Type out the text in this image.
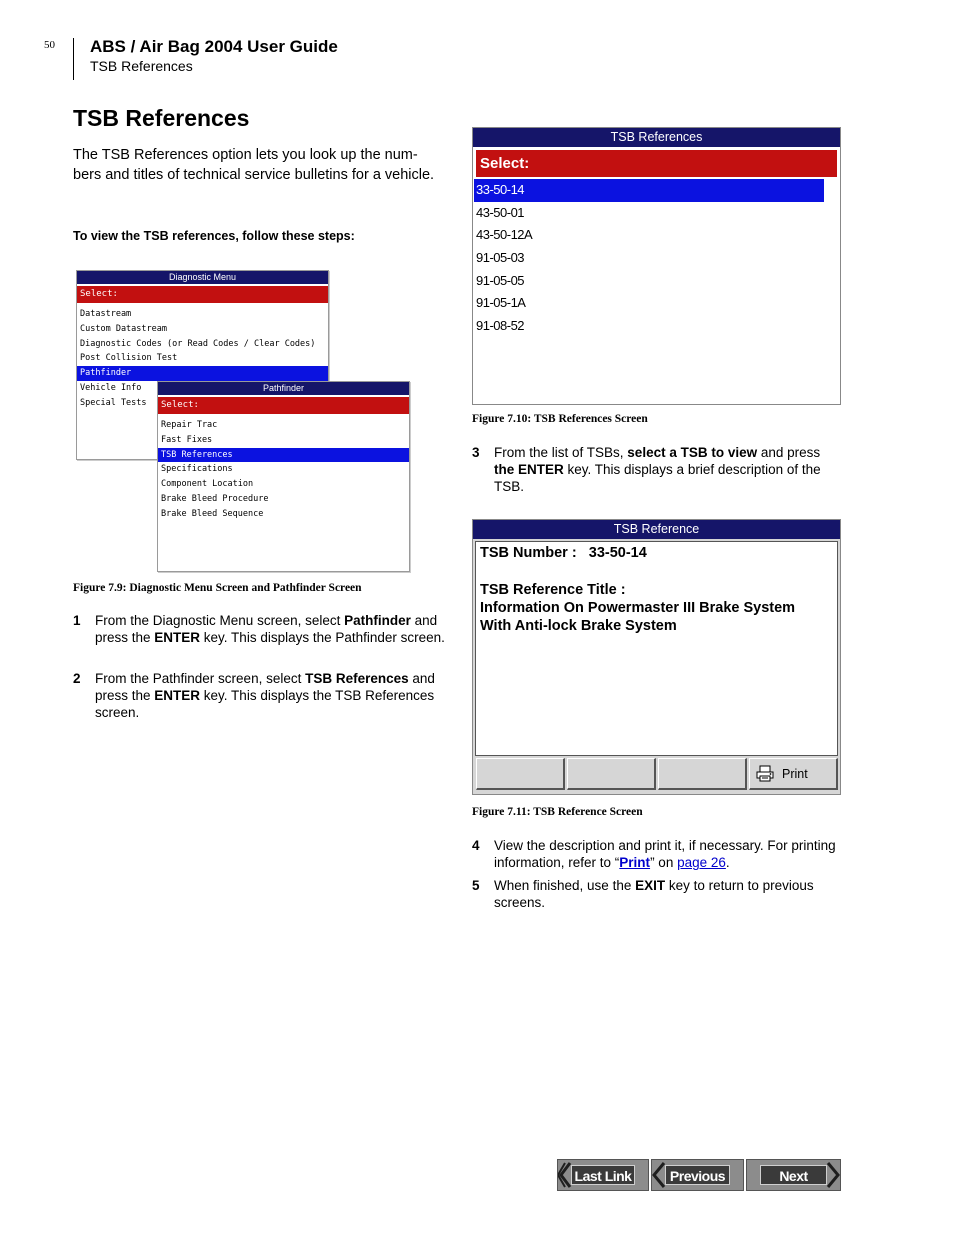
50 ABS / Air Bag 2004 User Guide
TSB References
TSB References
The TSB References option lets you look up the num- bers and titles of technical service bulletins for a vehicle.
To view the TSB references, follow these steps:
Diagnostic Menu
Select:
Datastream
Custom Datastream
Diagnostic Codes (or Read Codes / Clear Codes)
Post Collision Test
Pathfinder
Vehicle Info
Special Tests
Pathfinder
Select:
Repair Trac
Fast Fixes
TSB References
Specifications
Component Location
Brake Bleed Procedure
Brake Bleed Sequence
Figure 7.9: Diagnostic Menu Screen and Pathfinder Screen
1 From the Diagnostic Menu screen, select Pathfinder and press the ENTER key. This displays the Pathfinder screen.
2 From the Pathfinder screen, select TSB References and press the ENTER key. This displays the TSB References screen.
TSB References
Select:
33-50-14
43-50-01
43-50-12A
91-05-03
91-05-05
91-05-1A
91-08-52
Figure 7.10: TSB References Screen
3 From the list of TSBs, select a TSB to view and press the ENTER key. This displays a brief description of the TSB.
TSB Reference
TSB Number : 33-50-14
TSB Reference Title :
Information On Powermaster III Brake System
With Anti-lock Brake System
Print
Figure 7.11: TSB Reference Screen
4 View the description and print it, if necessary. For printing information, refer to “Print” on page 26.
5 When finished, use the EXIT key to return to previous screens.
Last Link	Previous	Next
